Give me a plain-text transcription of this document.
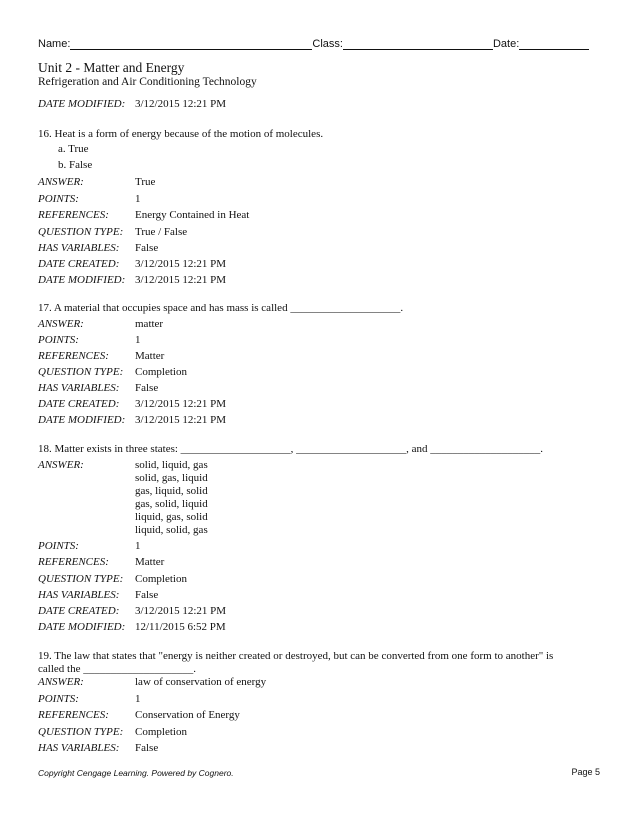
Name:	Class:	Date:
Unit 2 - Matter and Energy
Refrigeration and Air Conditioning Technology
DATE MODIFIED: 3/12/2015 12:21 PM
16. Heat is a form of energy because of the motion of molecules.
a. True
b. False
ANSWER:	True
POINTS:	1
REFERENCES: Energy Contained in Heat
QUESTION TYPE: True / False
HAS VARIABLES: False
DATE CREATED: 3/12/2015 12:21 PM
DATE MODIFIED: 3/12/2015 12:21 PM
17. A material that occupies space and has mass is called ____________________.
ANSWER:	matter
POINTS:	1
REFERENCES: Matter
QUESTION TYPE: Completion
HAS VARIABLES: False
DATE CREATED: 3/12/2015 12:21 PM
DATE MODIFIED: 3/12/2015 12:21 PM
18. Matter exists in three states: ____________________, ____________________, and ____________________.
ANSWER:	solid, liquid, gas
solid, gas, liquid
gas, liquid, solid
gas, solid, liquid
liquid, gas, solid
liquid, solid, gas
POINTS:	1
REFERENCES: Matter
QUESTION TYPE: Completion
HAS VARIABLES: False
DATE CREATED: 3/12/2015 12:21 PM
DATE MODIFIED: 12/11/2015 6:52 PM
19. The law that states that "energy is neither created or destroyed, but can be converted from one form to another" is
called the ____________________.
ANSWER:	law of conservation of energy
POINTS:	1
REFERENCES: Conservation of Energy
QUESTION TYPE: Completion
HAS VARIABLES: False
Copyright Cengage Learning. Powered by Cognero.	Page 5
